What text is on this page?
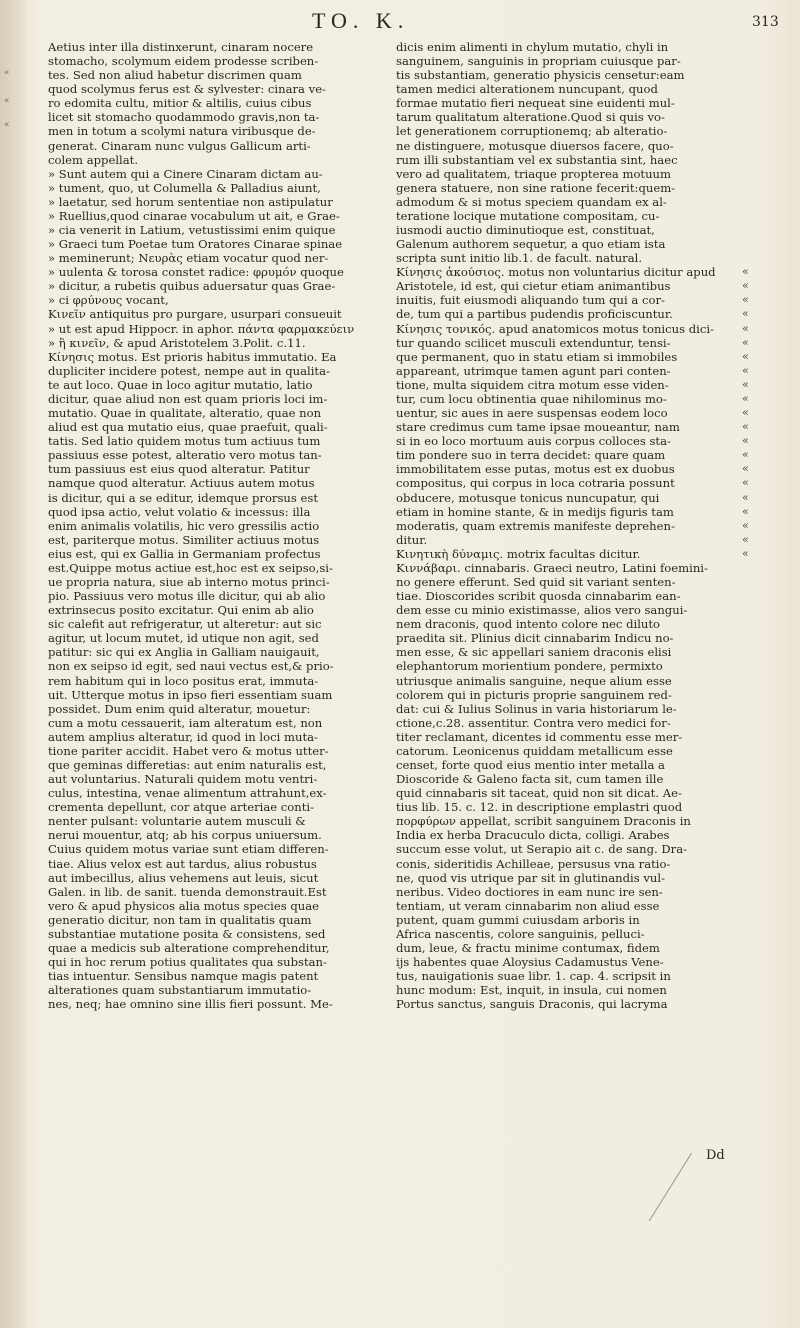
«
«
«
TO. K.	313
Aetius inter illa distinxerunt, cinaram nocere
stomacho, scolymum eidem prodesse scriben-
tes. Sed non aliud habetur discrimen quam
quod scolymus ferus est & sylvester: cinara ve-
ro edomita cultu, mitior & altilis, cuius cibus
licet sit stomacho quodammodo gravis,non ta-
men in totum a scolymi natura viribusque de-
generat. Cinaram nunc vulgus Gallicum arti-
colem appellat.
» Sunt autem qui a Cinere Cinaram dictam au-
» tument, quo, ut Columella & Palladius aiunt,
» laetatur, sed horum sententiae non astipulatur
» Ruellius,quod cinarae vocabulum ut ait, e Grae-
» cia venerit in Latium, vetustissimi enim quique
» Graeci tum Poetae tum Oratores Cinarae spinae
» meminerunt; Νευρὰς etiam vocatur quod ner-
» uulenta & torosa constet radice: φρυμόν quoque
» dicitur, a rubetis quibus aduersatur quas Grae-
» ci φρύνους vocant,
Κινεῖν antiquitus pro purgare, usurpari consueuit
» ut est apud Hippocr. in aphor. πάντα φαρμακεύειν
» ἢ κινεῖν, & apud Aristotelem 3.Polit. c.11.
Κίνησις motus. Est prioris habitus immutatio. Ea
dupliciter incidere potest, nempe aut in qualita-
te aut loco. Quae in loco agitur mutatio, latio
dicitur, quae aliud non est quam prioris loci im-
mutatio. Quae in qualitate, alteratio, quae non
aliud est qua mutatio eius, quae praefuit, quali-
tatis. Sed latio quidem motus tum actiuus tum
passiuus esse potest, alteratio vero motus tan-
tum passiuus est eius quod alteratur. Patitur
namque quod alteratur. Actiuus autem motus
is dicitur, qui a se editur, idemque prorsus est
quod ipsa actio, velut volatio & incessus: illa
enim animalis volatilis, hic vero gressilis actio
est, pariterque motus. Similiter actiuus motus
eius est, qui ex Gallia in Germaniam profectus
est.Quippe motus actiue est,hoc est ex seipso,si-
ue propria natura, siue ab interno motus princi-
pio. Passiuus vero motus ille dicitur, qui ab alio
extrinsecus posito excitatur. Qui enim ab alio
sic calefit aut refrigeratur, ut alteretur: aut sic
agitur, ut locum mutet, id utique non agit, sed
patitur: sic qui ex Anglia in Galliam nauigauit,
non ex seipso id egit, sed naui vectus est,& prio-
rem habitum qui in loco positus erat, immuta-
uit. Utterque motus in ipso fieri essentiam suam
possidet. Dum enim quid alteratur, mouetur:
cum a motu cessauerit, iam alteratum est, non
autem amplius alteratur, id quod in loci muta-
tione pariter accidit. Habet vero & motus utter-
que geminas differetias: aut enim naturalis est,
aut voluntarius. Naturali quidem motu ventri-
culus, intestina, venae alimentum attrahunt,ex-
crementa depellunt, cor atque arteriae conti-
nenter pulsant: voluntarie autem musculi &
nerui mouentur, atq; ab his corpus uniuersum.
Cuius quidem motus variae sunt etiam differen-
tiae. Alius velox est aut tardus, alius robustus
aut imbecillus, alius vehemens aut leuis, sicut
Galen. in lib. de sanit. tuenda demonstrauit.Est
vero & apud physicos alia motus species quae
generatio dicitur, non tam in qualitatis quam
substantiae mutatione posita & consistens, sed
quae a medicis sub alteratione comprehenditur,
qui in hoc rerum potius qualitates qua substan-
tias intuentur. Sensibus namque magis patent
alterationes quam substantiarum immutatio-
nes, neq; hae omnino sine illis fieri possunt. Me-
dicis enim alimenti in chylum mutatio, chyli in
sanguinem, sanguinis in propriam cuiusque par-
tis substantiam, generatio physicis censetur:eam
tamen medici alterationem nuncupant, quod
formae mutatio fieri nequeat sine euidenti mul-
tarum qualitatum alteratione.Quod si quis vo-
let generationem corruptionemq; ab alteratio-
ne distinguere, motusque diuersos facere, quo-
rum illi substantiam vel ex substantia sint, haec
vero ad qualitatem, triaque propterea motuum
genera statuere, non sine ratione fecerit:quem-
admodum & si motus speciem quandam ex al-
teratione locique mutatione compositam, cu-
iusmodi auctio diminutioque est, constituat,
Galenum authorem sequetur, a quo etiam ista
scripta sunt initio lib.1. de facult. natural.
Κίνησις ἀκούσιος. motus non voluntarius dicitur apud
Aristotele, id est, qui cietur etiam animantibus
inuitis, fuit eiusmodi aliquando tum qui a cor-
de, tum qui a partibus pudendis proficiscuntur.
Κίνησις τονικός. apud anatomicos motus tonicus dici-
tur quando scilicet musculi extenduntur, tensi-
que permanent, quo in statu etiam si immobiles
appareant, utrimque tamen agunt pari conten-
tione, multa siquidem citra motum esse viden-
tur, cum locu obtinentia quae nihilominus mo-
uentur, sic aues in aere suspensas eodem loco
stare credimus cum tame ipsae moueantur, nam
si in eo loco mortuum auis corpus colloces sta-
tim pondere suo in terra decidet: quare quam
immobilitatem esse putas, motus est ex duobus
compositus, qui corpus in loca cotraria possunt
obducere, motusque tonicus nuncupatur, qui
etiam in homine stante, & in medijs figuris tam
moderatis, quam extremis manifeste deprehen-
ditur.
Κινητικὴ δύναμις. motrix facultas dicitur.
Κιννάβαρι. cinnabaris. Graeci neutro, Latini foemini-
no genere efferunt. Sed quid sit variant senten-
tiae. Dioscorides scribit quosda cinnabarim ean-
dem esse cu minio existimasse, alios vero sangui-
nem draconis, quod intento colore nec diluto
praedita sit. Plinius dicit cinnabarim Indicu no-
men esse, & sic appellari saniem draconis elisi
elephantorum morientium pondere, permixto
utriusque animalis sanguine, neque alium esse
colorem qui in picturis proprie sanguinem red-
dat: cui & Iulius Solinus in varia historiarum le-
ctione,c.28. assentitur. Contra vero medici for-
titer reclamant, dicentes id commentu esse mer-
catorum. Leonicenus quiddam metallicum esse
censet, forte quod eius mentio inter metalla a
Dioscoride & Galeno facta sit, cum tamen ille
quid cinnabaris sit taceat, quid non sit dicat. Ae-
tius lib. 15. c. 12. in descriptione emplastri quod
πορφύρων appellat, scribit sanguinem Draconis in
India ex herba Dracuculo dicta, colligi. Arabes
succum esse volut, ut Serapio ait c. de sang. Dra-
conis, sideritidis Achilleae, persusus vna ratio-
ne, quod vis utrique par sit in glutinandis vul-
neribus. Video doctiores in eam nunc ire sen-
tentiam, ut veram cinnabarim non aliud esse
putent, quam gummi cuiusdam arboris in
Africa nascentis, colore sanguinis, pelluci-
dum, leue, & fractu minime contumax, fidem
ijs habentes quae Aloysius Cadamustus Vene-
tus, nauigationis suae libr. 1. cap. 4. scripsit in
hunc modum: Est, inquit, in insula, cui nomen
Portus sanctus, sanguis Draconis, qui lacryma
«
«
«
«
«
«
«
«
«
«
«
«
«
«
«
«
«
«
«
«
«
Dd
